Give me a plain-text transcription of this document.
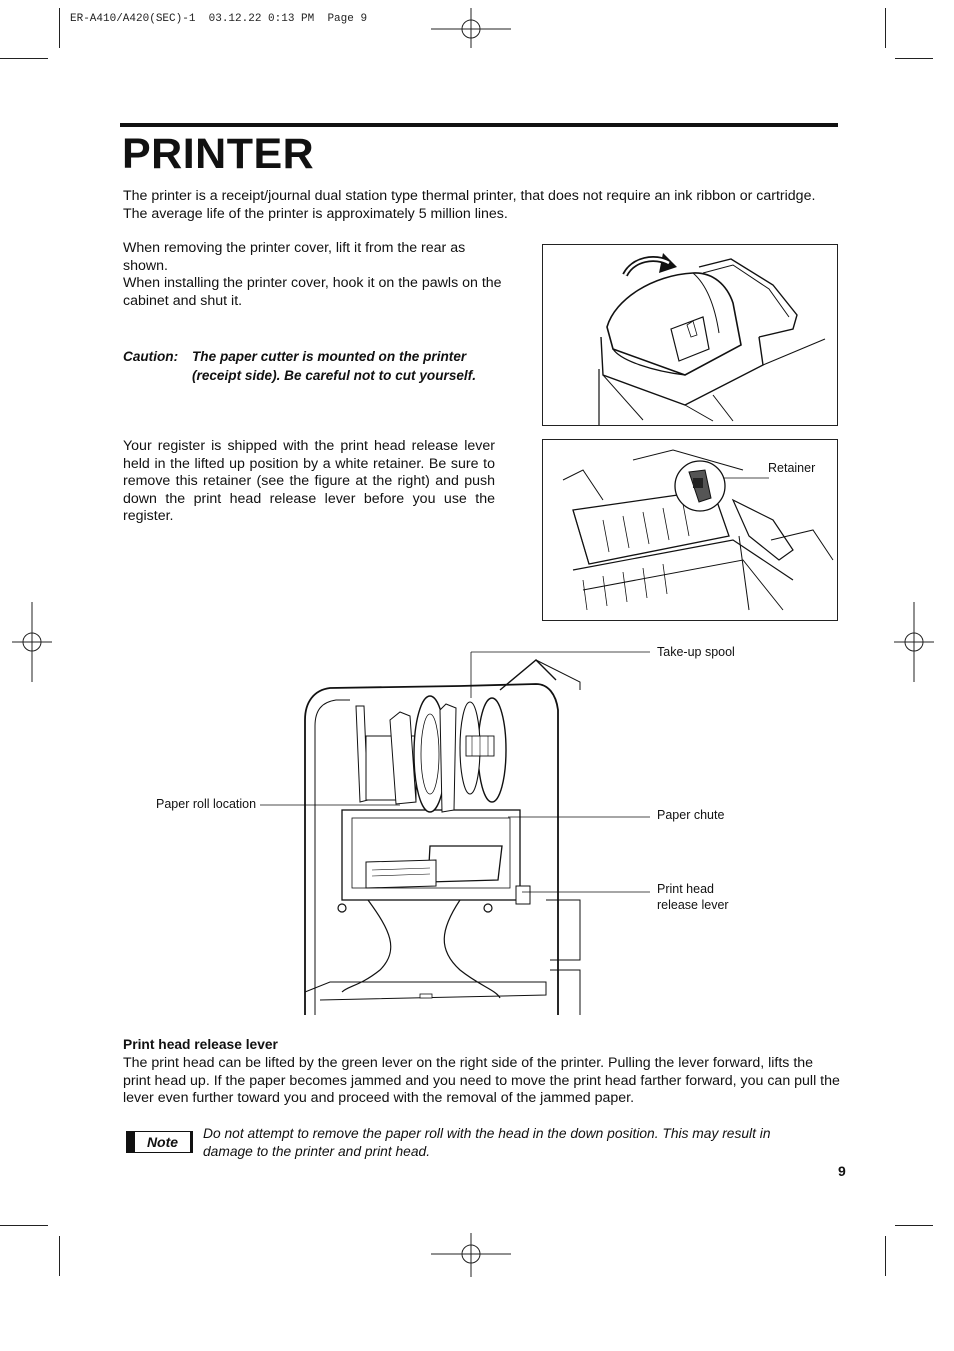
ER-A410/A420(SEC)-1  03.12.22 0:13 PM  Page 9
PRINTER
The printer is a receipt/journal dual station type thermal printer, that does not require an ink ribbon or cartridge. The average life of the printer is approximately 5 million lines.
When removing the printer cover, lift it from the rear as shown.
When installing the printer cover, hook it on the pawls on the cabinet and shut it.
Caution: The paper cutter is mounted on the printer
(receipt side). Be careful not to cut yourself.
Your register is shipped with the print head release lever held in the lifted up position by a white retainer. Be sure to remove this retainer (see the figure at the right) and push down the print head release lever before you use the register.
Retainer
Take-up spool
Paper roll location
Paper chute
Print head
release lever
Print head release lever
The print head can be lifted by the green lever on the right side of the printer. Pulling the lever forward, lifts the print head up. If the paper becomes jammed and you need to move the print head farther forward, you can pull the lever even further toward you and proceed with the removal of the jammed paper.
Note
Do not attempt to remove the paper roll with the head in the down position. This may result in damage to the printer and print head.
9
